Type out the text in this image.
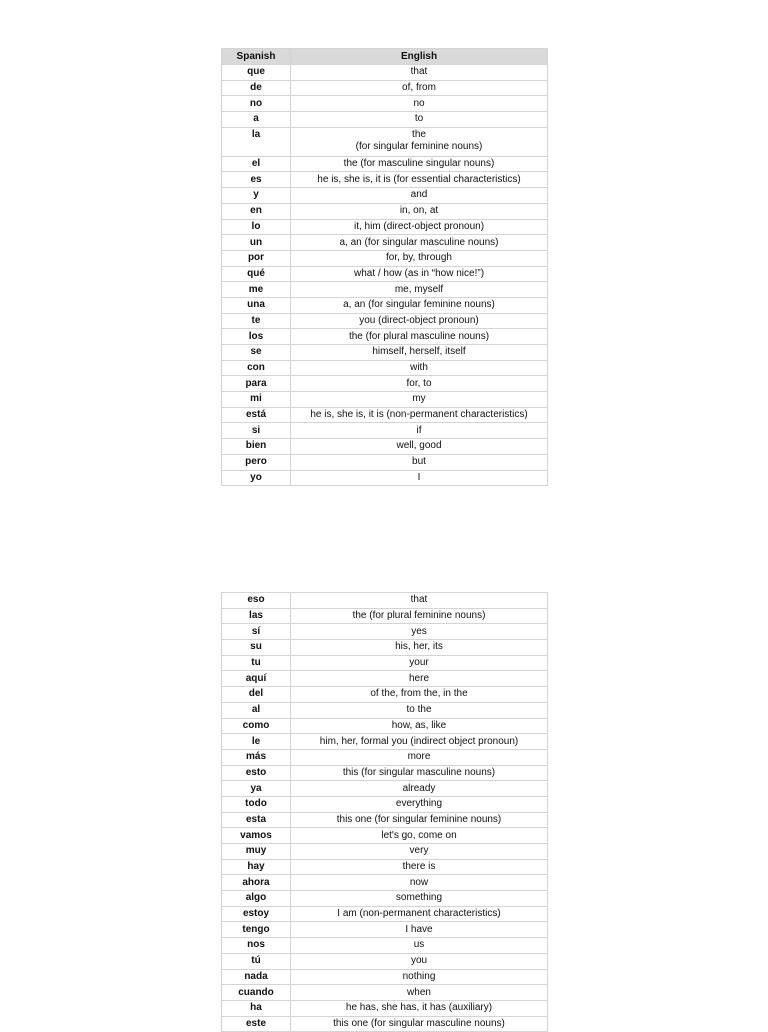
Spanish	English
que	that
de	of, from
no	no
a	to
la	the
(for singular feminine nouns)
el	the (for masculine singular nouns)
es	he is, she is, it is (for essential characteristics)
y	and
en	in, on, at
lo	it, him (direct-object pronoun)
un	a, an (for singular masculine nouns)
por	for, by, through
qué	what / how (as in “how nice!”)
me	me, myself
una	a, an (for singular feminine nouns)
te	you (direct-object pronoun)
los	the (for plural masculine nouns)
se	himself, herself, itself
con	with
para	for, to
mi	my
está	he is, she is, it is (non-permanent characteristics)
si	if
bien	well, good
pero	but
yo	I
eso	that
las	the (for plural feminine nouns)
sí	yes
su	his, her, its
tu	your
aquí	here
del	of the, from the, in the
al	to the
como	how, as, like
le	him, her, formal you (indirect object pronoun)
más	more
esto	this (for singular masculine nouns)
ya	already
todo	everything
esta	this one (for singular feminine nouns)
vamos	let's go, come on
muy	very
hay	there is
ahora	now
algo	something
estoy	I am (non-permanent characteristics)
tengo	I have
nos	us
tú	you
nada	nothing
cuando	when
ha	he has, she has, it has (auxiliary)
este	this one (for singular masculine nouns)
